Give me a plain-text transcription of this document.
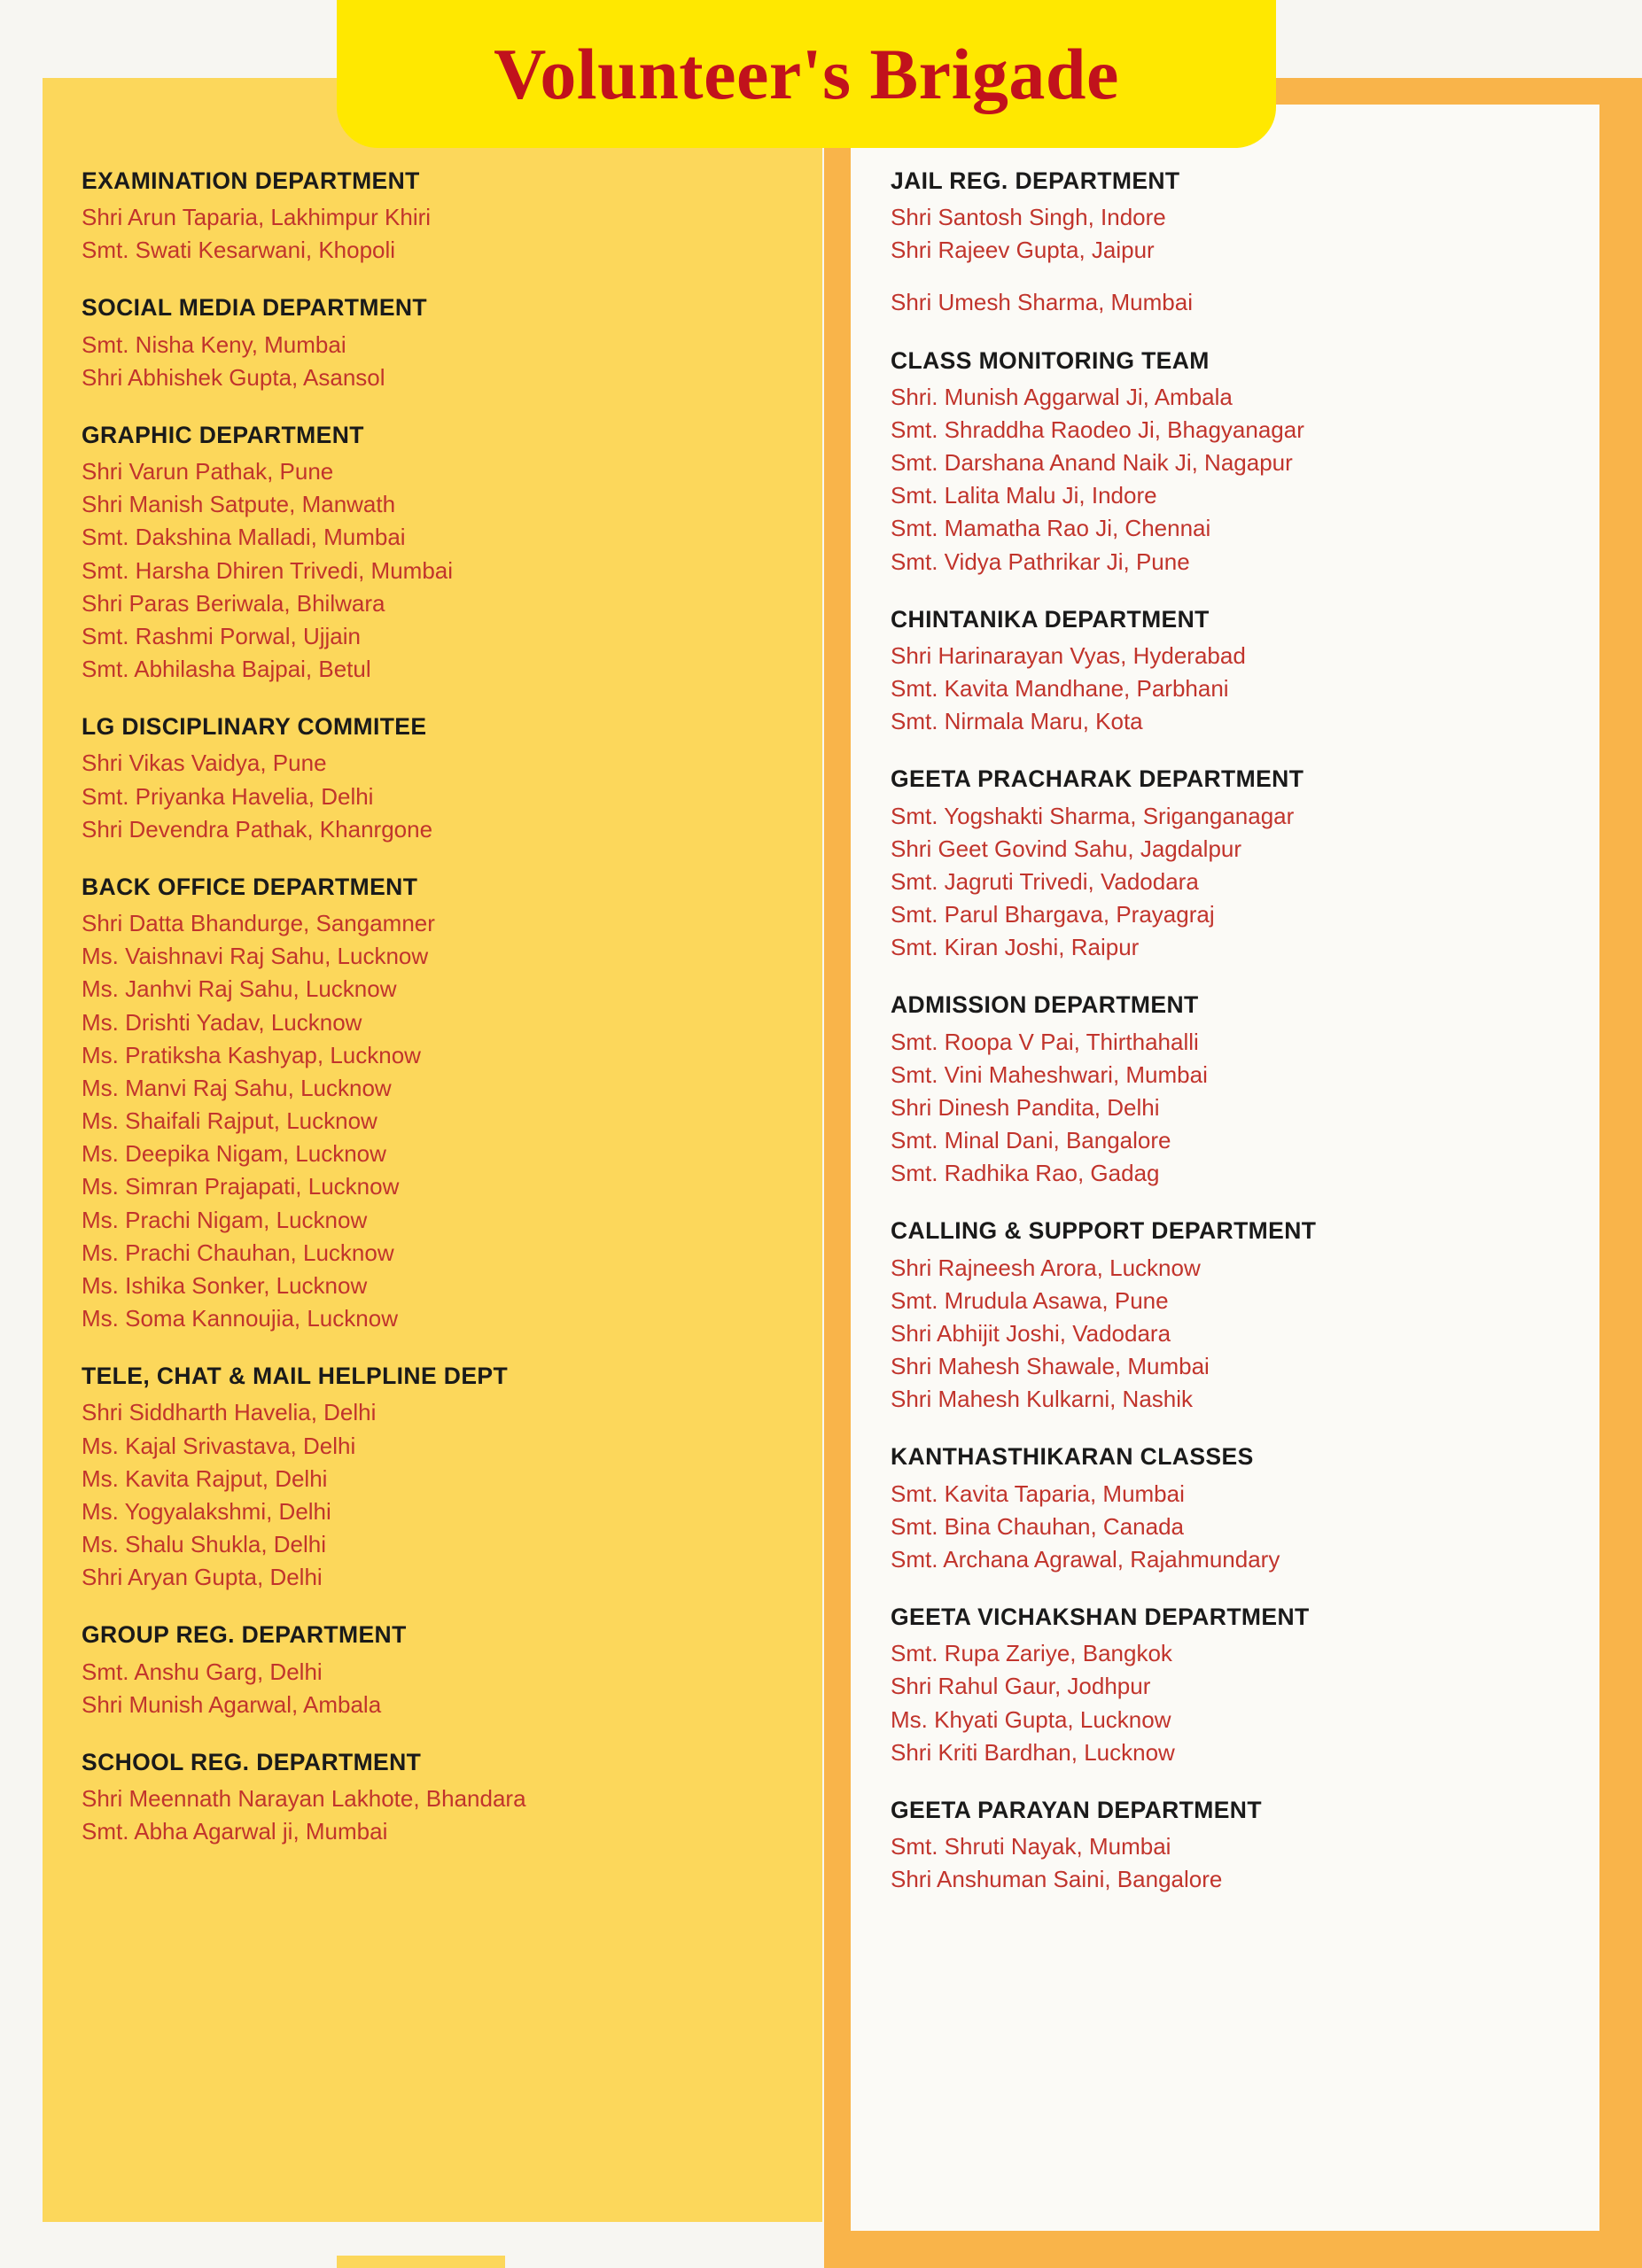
Volunteer's Brigade
EXAMINATION DEPARTMENT
Shri Arun Taparia, Lakhimpur Khiri
Smt. Swati Kesarwani, Khopoli
SOCIAL MEDIA DEPARTMENT
Smt. Nisha Keny, Mumbai
Shri Abhishek Gupta, Asansol
GRAPHIC DEPARTMENT
Shri Varun Pathak, Pune
Shri Manish Satpute, Manwath
Smt. Dakshina Malladi, Mumbai
Smt. Harsha Dhiren Trivedi, Mumbai
Shri Paras Beriwala, Bhilwara
Smt. Rashmi Porwal, Ujjain
Smt. Abhilasha Bajpai, Betul
LG DISCIPLINARY COMMITEE
Shri Vikas Vaidya, Pune
Smt. Priyanka Havelia, Delhi
Shri Devendra Pathak, Khanrgone
BACK OFFICE DEPARTMENT
Shri Datta Bhandurge, Sangamner
Ms. Vaishnavi Raj Sahu, Lucknow
Ms. Janhvi Raj Sahu, Lucknow
Ms. Drishti Yadav, Lucknow
Ms. Pratiksha Kashyap, Lucknow
Ms. Manvi Raj Sahu, Lucknow
Ms. Shaifali Rajput, Lucknow
Ms. Deepika Nigam, Lucknow
Ms. Simran Prajapati, Lucknow
Ms. Prachi Nigam, Lucknow
Ms. Prachi Chauhan, Lucknow
Ms. Ishika Sonker, Lucknow
Ms. Soma Kannoujia, Lucknow
TELE, CHAT & MAIL HELPLINE DEPT
Shri Siddharth Havelia, Delhi
Ms. Kajal Srivastava, Delhi
Ms. Kavita Rajput, Delhi
Ms. Yogyalakshmi, Delhi
Ms. Shalu Shukla, Delhi
Shri Aryan Gupta, Delhi
GROUP REG. DEPARTMENT
Smt. Anshu Garg, Delhi
Shri Munish Agarwal, Ambala
SCHOOL REG. DEPARTMENT
Shri Meennath Narayan Lakhote, Bhandara
Smt. Abha Agarwal ji, Mumbai
JAIL REG. DEPARTMENT
Shri Santosh Singh, Indore
Shri Rajeev Gupta, Jaipur
Shri Umesh Sharma, Mumbai
CLASS MONITORING TEAM
Shri. Munish Aggarwal Ji, Ambala
Smt. Shraddha Raodeo Ji, Bhagyanagar
Smt. Darshana Anand Naik Ji, Nagapur
Smt. Lalita Malu Ji, Indore
Smt. Mamatha Rao Ji, Chennai
Smt. Vidya Pathrikar Ji, Pune
CHINTANIKA DEPARTMENT
Shri Harinarayan Vyas, Hyderabad
Smt. Kavita Mandhane, Parbhani
Smt. Nirmala Maru, Kota
GEETA PRACHARAK DEPARTMENT
Smt. Yogshakti Sharma, Sriganganagar
Shri Geet Govind Sahu, Jagdalpur
Smt. Jagruti Trivedi, Vadodara
Smt. Parul Bhargava, Prayagraj
Smt. Kiran Joshi, Raipur
ADMISSION DEPARTMENT
Smt. Roopa V Pai, Thirthahalli
Smt. Vini Maheshwari, Mumbai
Shri Dinesh Pandita, Delhi
Smt. Minal Dani, Bangalore
Smt. Radhika Rao, Gadag
CALLING & SUPPORT DEPARTMENT
Shri Rajneesh Arora, Lucknow
Smt. Mrudula Asawa, Pune
Shri Abhijit Joshi, Vadodara
Shri Mahesh Shawale, Mumbai
Shri Mahesh Kulkarni, Nashik
KANTHASTHIKARAN CLASSES
Smt. Kavita Taparia, Mumbai
Smt. Bina Chauhan, Canada
Smt. Archana Agrawal, Rajahmundary
GEETA VICHAKSHAN DEPARTMENT
Smt. Rupa Zariye, Bangkok
Shri Rahul Gaur, Jodhpur
Ms. Khyati Gupta, Lucknow
Shri Kriti Bardhan, Lucknow
GEETA PARAYAN DEPARTMENT
Smt. Shruti Nayak, Mumbai
Shri Anshuman Saini, Bangalore
